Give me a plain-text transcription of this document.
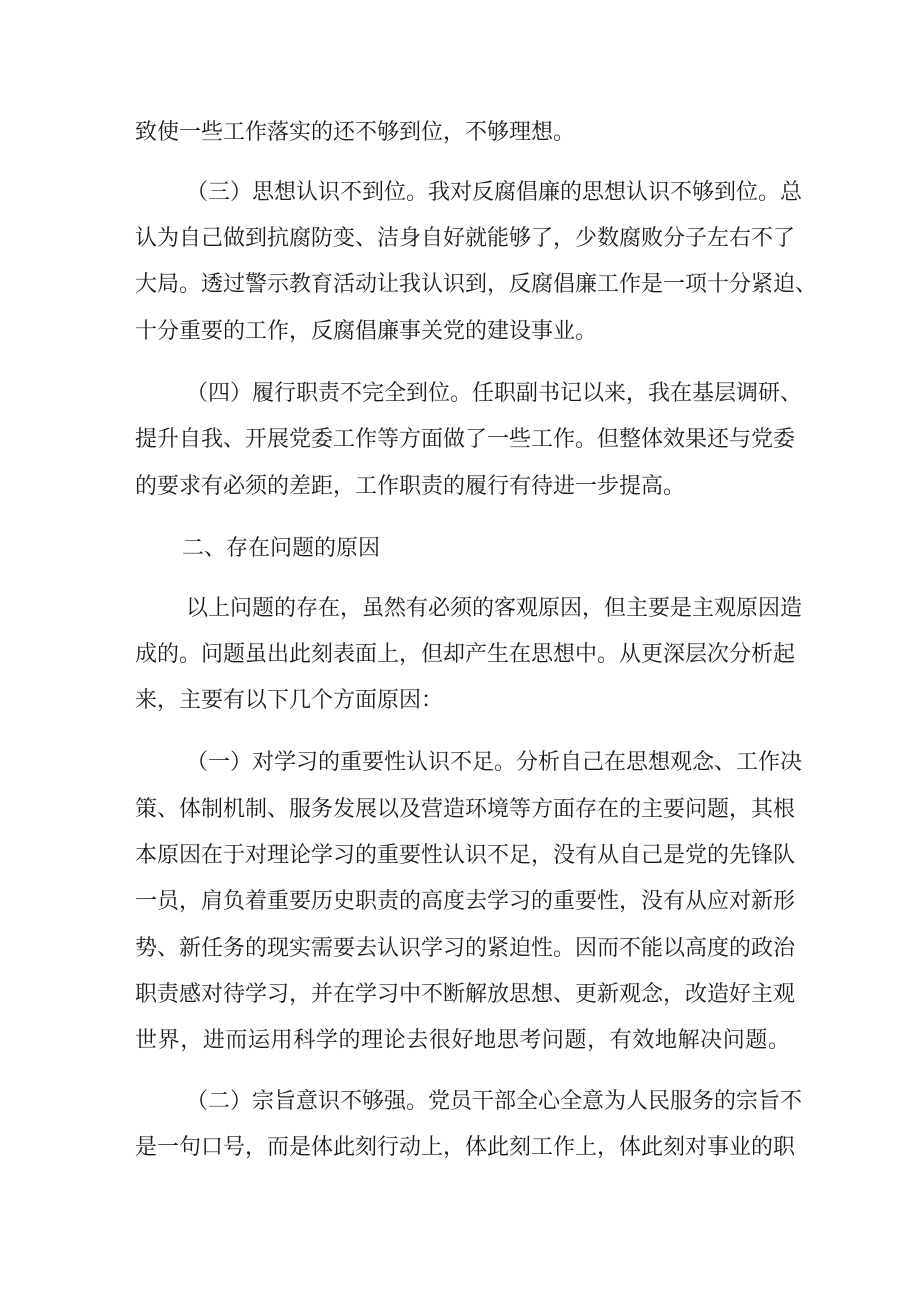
致使一些工作落实的还不够到位，不够理想。
（三）思想认识不到位。我对反腐倡廉的思想认识不够到位。总
认为自己做到抗腐防变、洁身自好就能够了，少数腐败分子左右不了
大局。透过警示教育活动让我认识到，反腐倡廉工作是一项十分紧迫、
十分重要的工作，反腐倡廉事关党的建设事业。
（四）履行职责不完全到位。任职副书记以来，我在基层调研、
提升自我、开展党委工作等方面做了一些工作。但整体效果还与党委
的要求有必须的差距，工作职责的履行有待进一步提高。
二、存在问题的原因
以上问题的存在，虽然有必须的客观原因，但主要是主观原因造
成的。问题虽出此刻表面上，但却产生在思想中。从更深层次分析起
来，主要有以下几个方面原因：
（一）对学习的重要性认识不足。分析自己在思想观念、工作决
策、体制机制、服务发展以及营造环境等方面存在的主要问题，其根
本原因在于对理论学习的重要性认识不足，没有从自己是党的先锋队
一员，肩负着重要历史职责的高度去学习的重要性，没有从应对新形
势、新任务的现实需要去认识学习的紧迫性。因而不能以高度的政治
职责感对待学习，并在学习中不断解放思想、更新观念，改造好主观
世界，进而运用科学的理论去很好地思考问题，有效地解决问题。
（二）宗旨意识不够强。党员干部全心全意为人民服务的宗旨不
是一句口号，而是体此刻行动上，体此刻工作上，体此刻对事业的职
